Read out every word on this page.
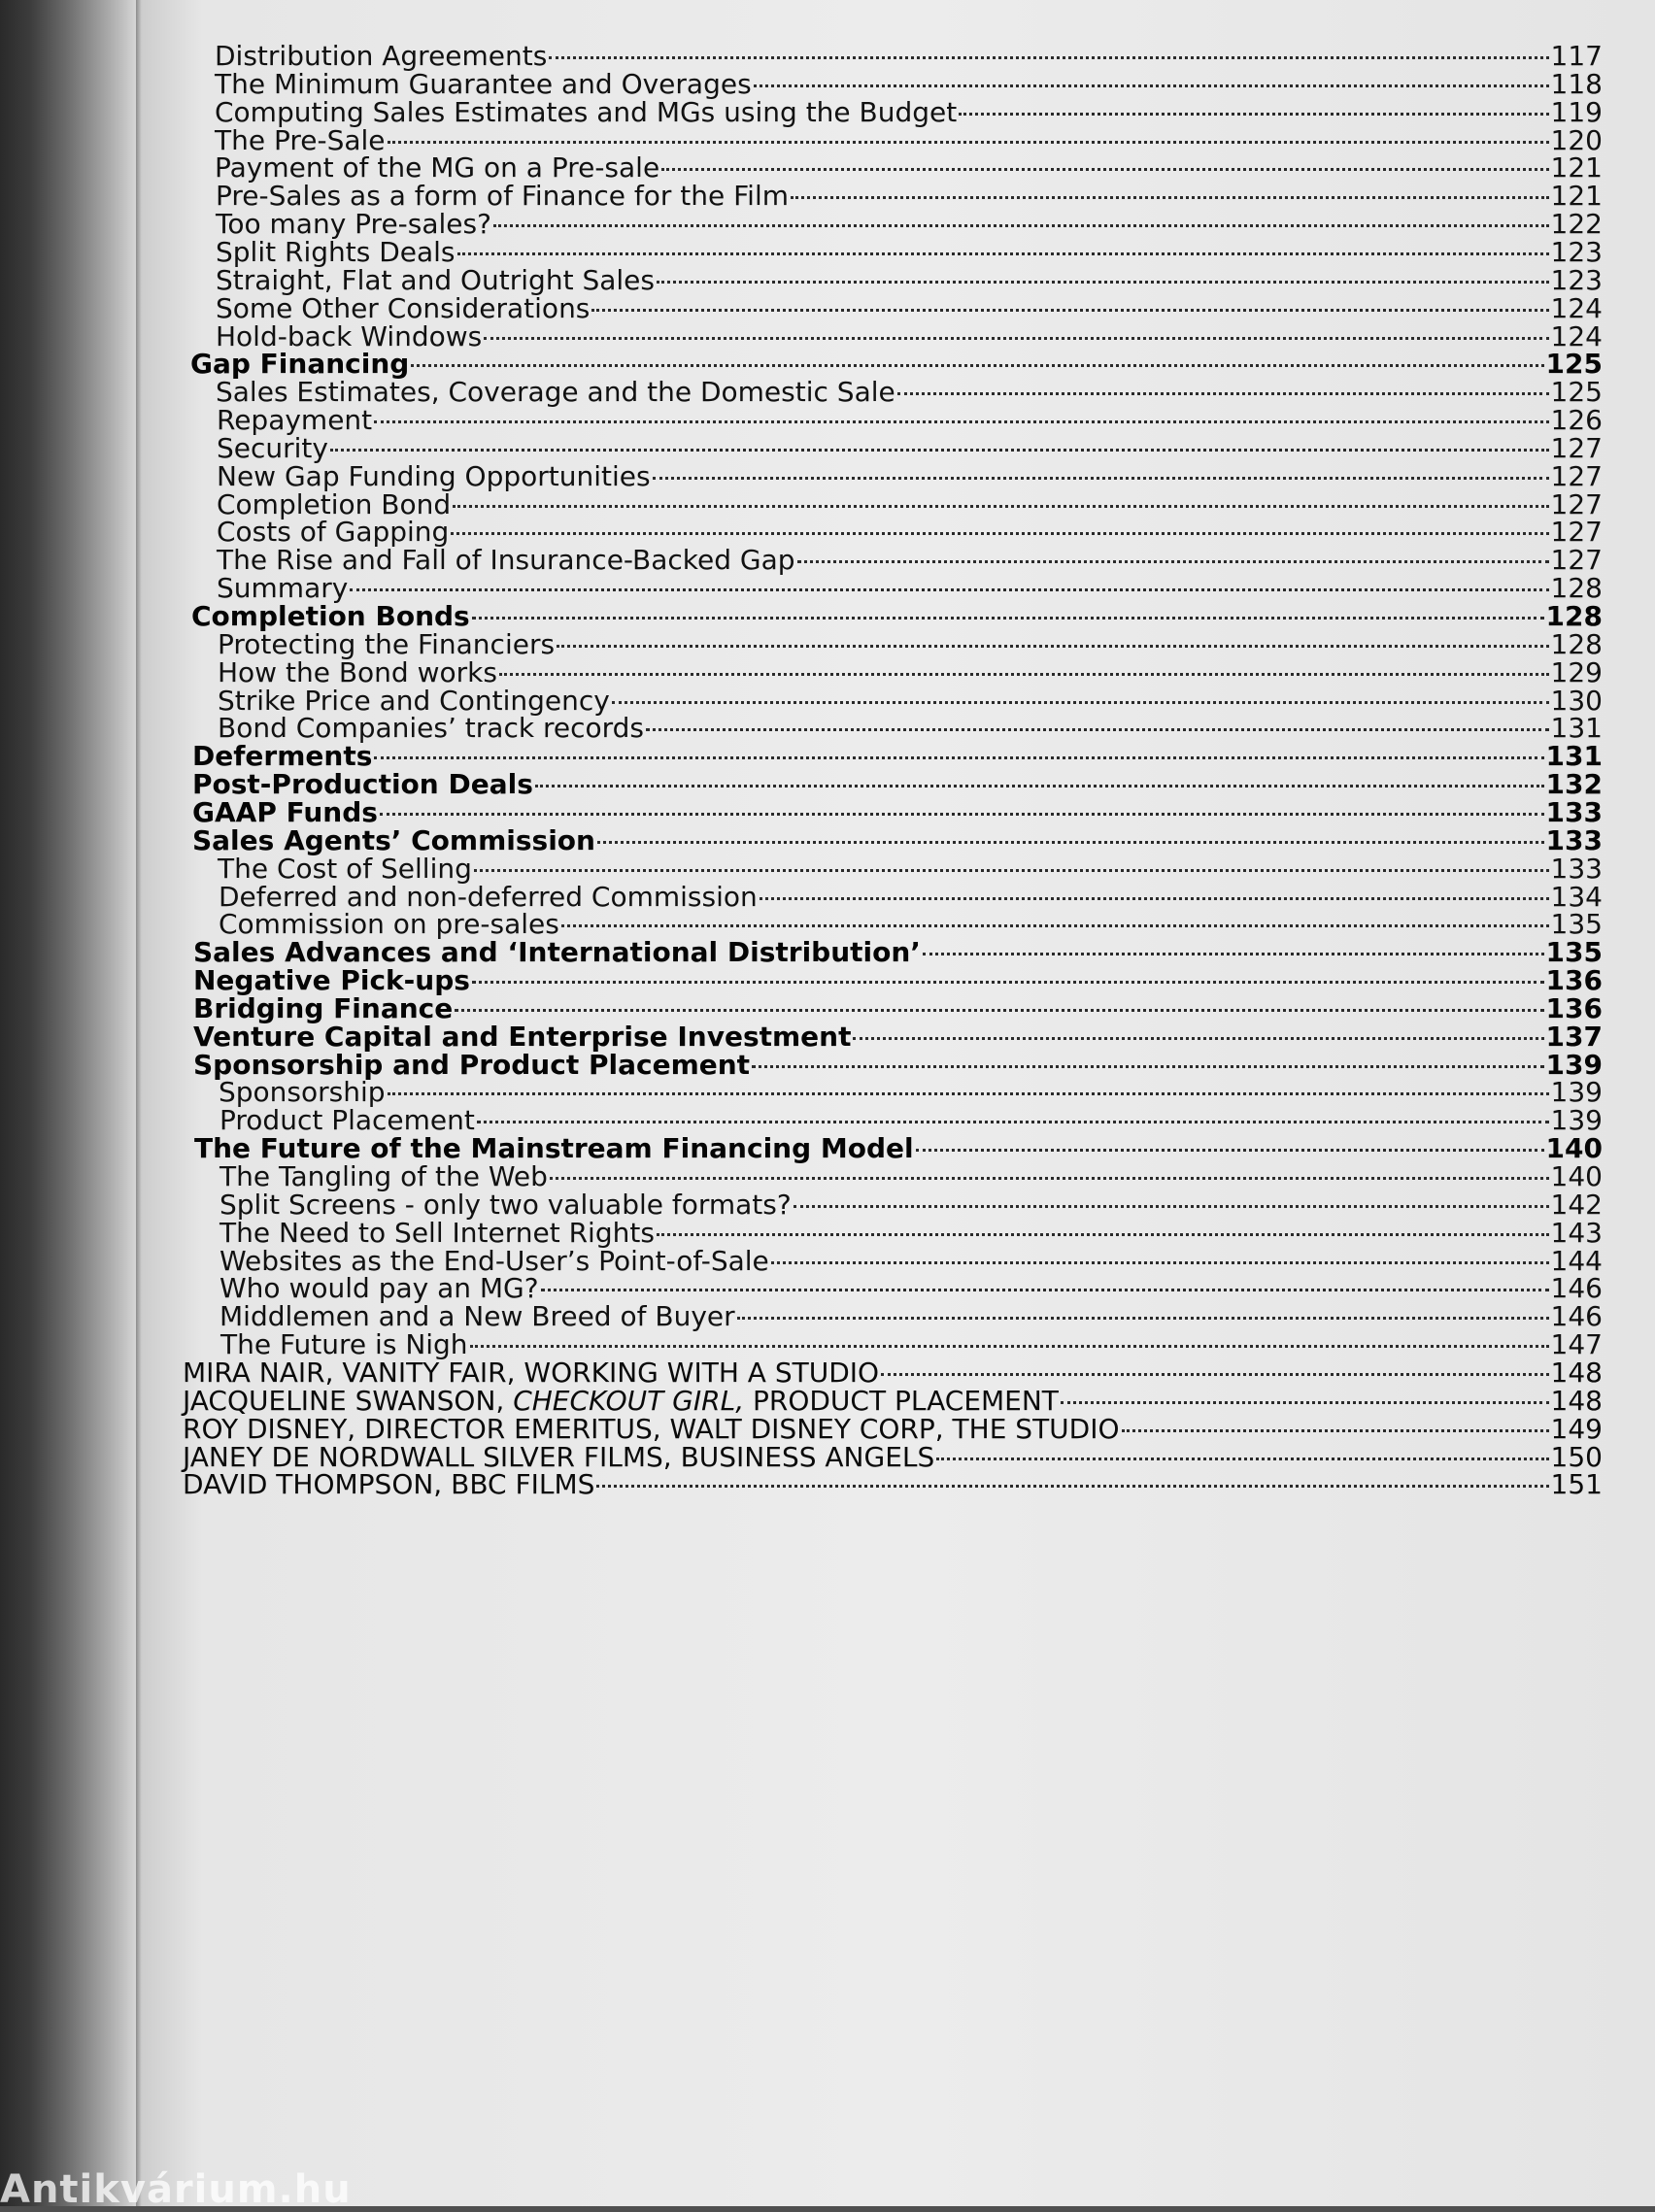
Distribution Agreements	117
The Minimum Guarantee and Overages	118
Computing Sales Estimates and MGs using the Budget	119
The Pre-Sale	120
Payment of the MG on a Pre-sale	121
Pre-Sales as a form of Finance for the Film	121
Too many Pre-sales?	122
Split Rights Deals	123
Straight, Flat and Outright Sales	123
Some Other Considerations	124
Hold-back Windows	124
Gap Financing	125
Sales Estimates, Coverage and the Domestic Sale	125
Repayment	126
Security	127
New Gap Funding Opportunities	127
Completion Bond	127
Costs of Gapping	127
The Rise and Fall of Insurance-Backed Gap	127
Summary	128
Completion Bonds	128
Protecting the Financiers	128
How the Bond works	129
Strike Price and Contingency	130
Bond Companies’ track records	131
Deferments	131
Post-Production Deals	132
GAAP Funds	133
Sales Agents’ Commission	133
The Cost of Selling	133
Deferred and non-deferred Commission	134
Commission on pre-sales	135
Sales Advances and ‘International Distribution’	135
Negative Pick-ups	136
Bridging Finance	136
Venture Capital and Enterprise Investment	137
Sponsorship and Product Placement	139
Sponsorship	139
Product Placement	139
The Future of the Mainstream Financing Model	140
The Tangling of the Web	140
Split Screens - only two valuable formats?	142
The Need to Sell Internet Rights	143
Websites as the End-User’s Point-of-Sale	144
Who would pay an MG?	146
Middlemen and a New Breed of Buyer	146
The Future is Nigh	147
MIRA NAIR, VANITY FAIR, WORKING WITH A STUDIO	148
JACQUELINE SWANSON, CHECKOUT GIRL, PRODUCT PLACEMENT	148
ROY DISNEY, DIRECTOR EMERITUS, WALT DISNEY CORP, THE STUDIO	149
JANEY DE NORDWALL SILVER FILMS, BUSINESS ANGELS	150
DAVID THOMPSON, BBC FILMS	151
Antikvárium.hu
